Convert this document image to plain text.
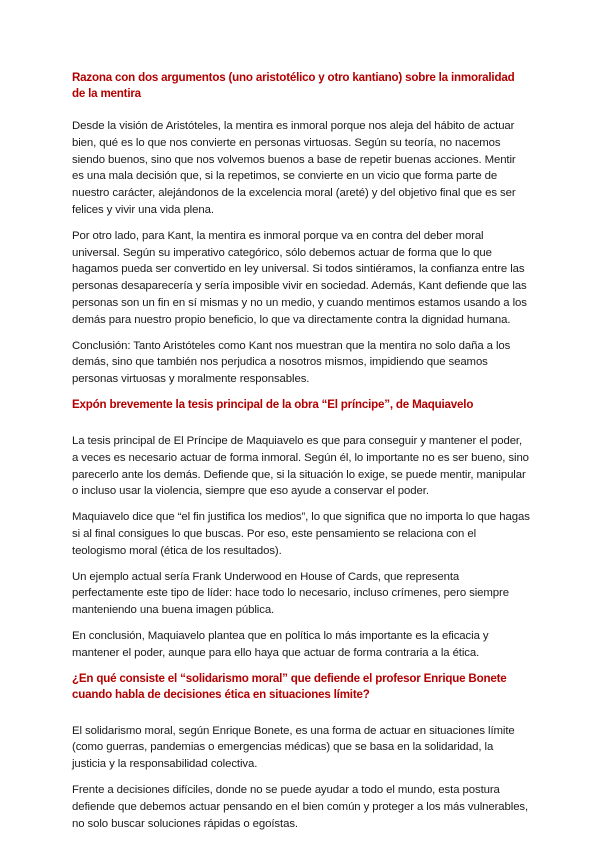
Razona con dos argumentos (uno aristotélico y otro kantiano) sobre la inmoralidad de la mentira

Desde la visión de Aristóteles, la mentira es inmoral porque nos aleja del hábito de actuar bien, qué es lo que nos convierte en personas virtuosas. Según su teoría, no nacemos siendo buenos, sino que nos volvemos buenos a base de repetir buenas acciones. Mentir es una mala decisión que, si la repetimos, se convierte en un vicio que forma parte de nuestro carácter, alejándonos de la excelencia moral (areté) y del objetivo final que es ser felices y vivir una vida plena.

Por otro lado, para Kant, la mentira es inmoral porque va en contra del deber moral universal. Según su imperativo categórico, sólo debemos actuar de forma que lo que hagamos pueda ser convertido en ley universal. Si todos sintiéramos, la confianza entre las personas desaparecería y sería imposible vivir en sociedad. Además, Kant defiende que las personas son un fin en sí mismas y no un medio, y cuando mentimos estamos usando a los demás para nuestro propio beneficio, lo que va directamente contra la dignidad humana.

Conclusión: Tanto Aristóteles como Kant nos muestran que la mentira no solo daña a los demás, sino que también nos perjudica a nosotros mismos, impidiendo que seamos personas virtuosas y moralmente responsables.

Expón brevemente la tesis principal de la obra “El príncipe”, de Maquiavelo

La tesis principal de El Príncipe de Maquiavelo es que para conseguir y mantener el poder, a veces es necesario actuar de forma inmoral. Según él, lo importante no es ser bueno, sino parecerlo ante los demás. Defiende que, si la situación lo exige, se puede mentir, manipular o incluso usar la violencia, siempre que eso ayude a conservar el poder.

Maquiavelo dice que “el fin justifica los medios”, lo que significa que no importa lo que hagas si al final consigues lo que buscas. Por eso, este pensamiento se relaciona con el teologismo moral (ética de los resultados).

Un ejemplo actual sería Frank Underwood en House of Cards, que representa perfectamente este tipo de líder: hace todo lo necesario, incluso crímenes, pero siempre manteniendo una buena imagen pública.

En conclusión, Maquiavelo plantea que en política lo más importante es la eficacia y mantener el poder, aunque para ello haya que actuar de forma contraria a la ética.

¿En qué consiste el “solidarismo moral” que defiende el profesor Enrique Bonete cuando habla de decisiones ética en situaciones límite?

El solidarismo moral, según Enrique Bonete, es una forma de actuar en situaciones límite (como guerras, pandemias o emergencias médicas) que se basa en la solidaridad, la justicia y la responsabilidad colectiva.

Frente a decisiones difíciles, donde no se puede ayudar a todo el mundo, esta postura defiende que debemos actuar pensando en el bien común y proteger a los más vulnerables, no solo buscar soluciones rápidas o egoístas.
